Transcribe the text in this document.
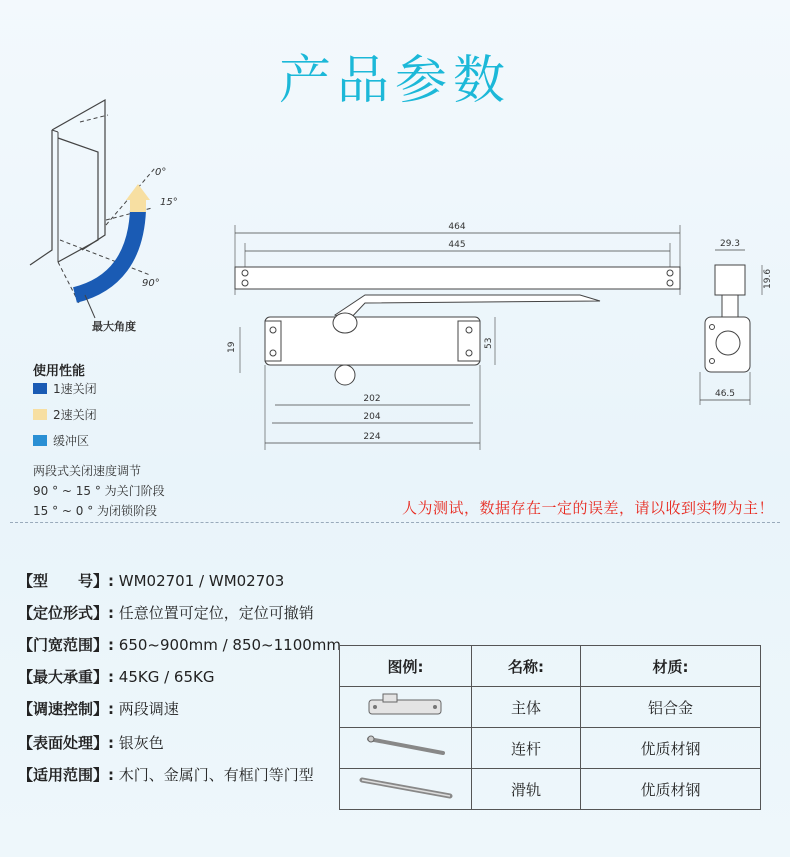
产品参数
0°
15°
90°
最大角度
使用性能
1速关闭
2速关闭
缓冲区
两段式关闭速度调节
90 ° ~ 15 ° 为关门阶段
15 ° ~ 0 ° 为闭锁阶段
464
445
19	53
202
204
224
29.3
19.6
46.5
人为测试，数据存在一定的误差，请以收到实物为主！
【型　　号】: WM02701 / WM02703
【定位形式】: 任意位置可定位，定位可撤销
【门宽范围】: 650~900mm / 850~1100mm
【最大承重】: 45KG / 65KG
【调速控制】: 两段调速
【表面处理】: 银灰色
【适用范围】: 木门、金属门、有框门等门型
图例:	名称:	材质:
	主体	铝合金
	连杆	优质材钢
	滑轨	优质材钢
